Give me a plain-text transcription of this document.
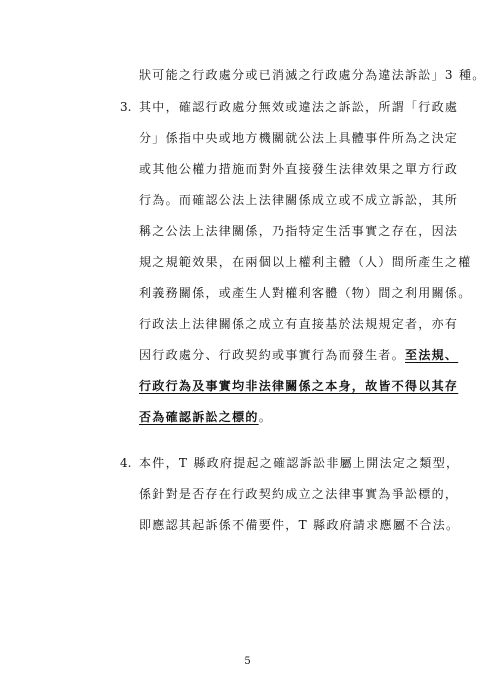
狀可能之行政處分或已消滅之行政處分為違法訴訟」3 種。
3. 其中，確認行政處分無效或違法之訴訟，所謂「行政處
分」係指中央或地方機關就公法上具體事件所為之決定
或其他公權力措施而對外直接發生法律效果之單方行政
行為。而確認公法上法律關係成立或不成立訴訟，其所
稱之公法上法律關係，乃指特定生活事實之存在，因法
規之規範效果，在兩個以上權利主體（人）間所產生之權
利義務關係，或產生人對權利客體（物）間之利用關係。
行政法上法律關係之成立有直接基於法規規定者，亦有
因行政處分、行政契約或事實行為而發生者。至法規、
行政行為及事實均非法律關係之本身，故皆不得以其存
否為確認訴訟之標的。
4. 本件，T 縣政府提起之確認訴訟非屬上開法定之類型，
係針對是否存在行政契約成立之法律事實為爭訟標的，
即應認其起訴係不備要件，T 縣政府請求應屬不合法。
5
